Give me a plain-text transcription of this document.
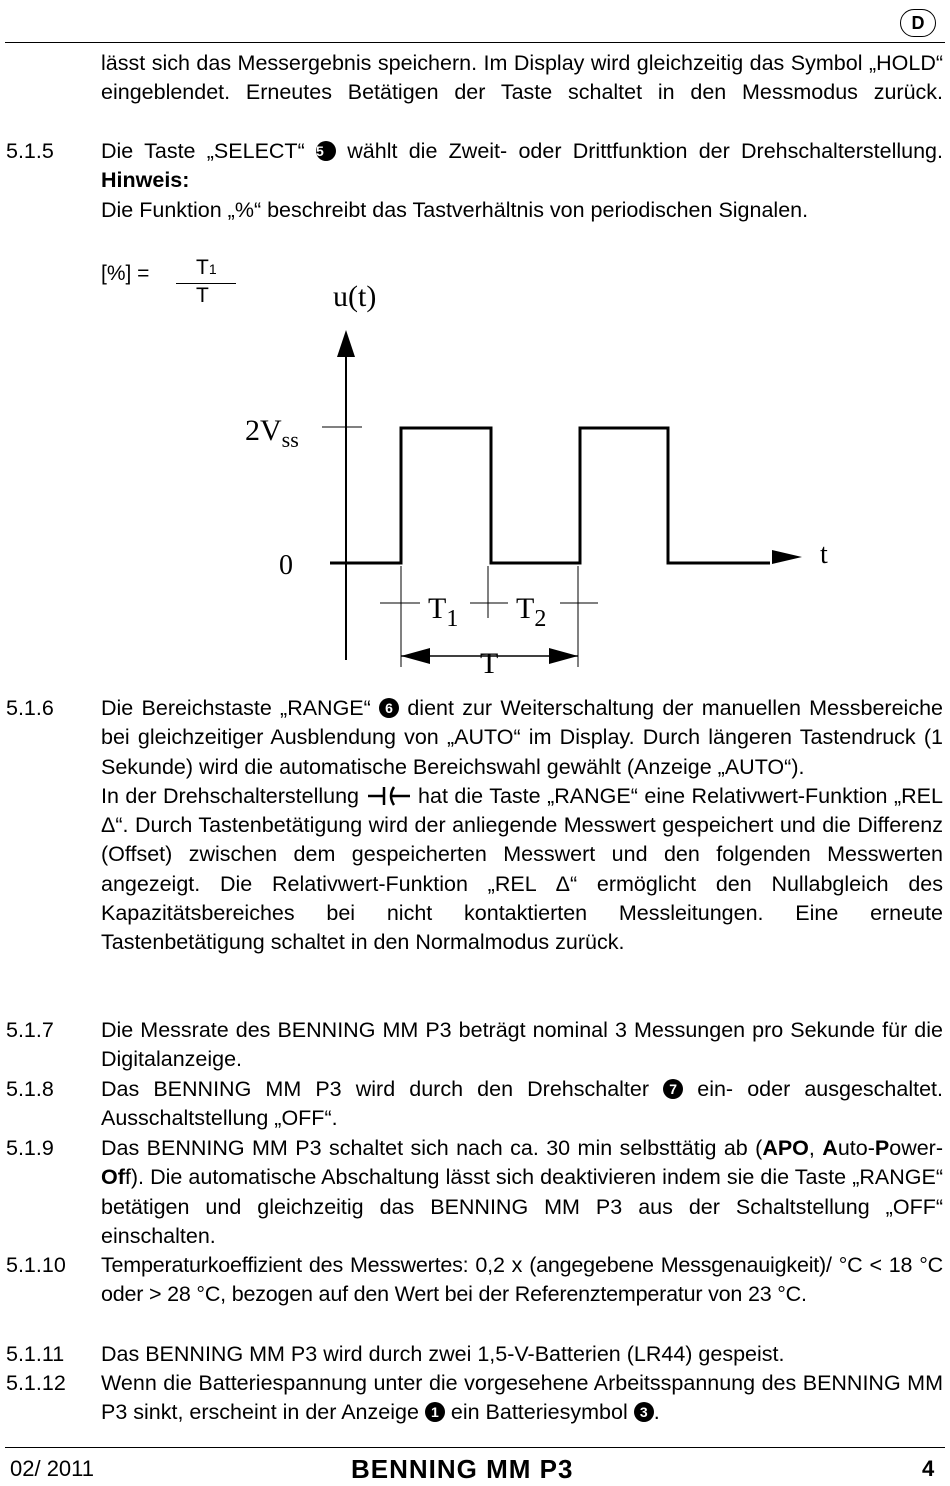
D
lässt sich das Messergebnis speichern. Im Display wird gleichzeitig das Symbol „HOLD“ eingeblendet. Erneutes Betätigen der Taste schaltet in den Messmodus zurück.
5.1.5 Die Taste „SELECT“ 5 wählt die Zweit- oder Drittfunktion der Drehschalterstellung.
Hinweis:
Die Funktion „%“ beschreibt das Tastverhältnis von periodischen Signalen.
[%] = T1
T	u(t)
$2V_{ss}$
0	t
$T_1$ $T_2$
T
5.1.6 Die Bereichstaste „RANGE“ 6 dient zur Weiterschaltung der manuellen Messbereiche bei gleichzeitiger Ausblendung von „AUTO“ im Display. Durch längeren Tastendruck (1 Sekunde) wird die automatische Bereichswahl gewählt (Anzeige „AUTO“).
In der Drehschalterstellung	hat die Taste „RANGE“ eine Relativwert-Funktion „REL Δ“. Durch Tastenbetätigung wird der anliegende Messwert gespeichert und die Differenz (Offset) zwischen dem gespeicherten Messwert und den folgenden Messwerten angezeigt. Die Relativwert-Funktion „REL Δ“ ermöglicht den Nullabgleich des Kapazitätsbereiches bei nicht kontaktierten Messleitungen. Eine erneute Tastenbetätigung schaltet in den Normalmodus zurück.
5.1.7 Die Messrate des BENNING MM P3 beträgt nominal 3 Messungen pro Sekunde für die Digitalanzeige.
5.1.8 Das BENNING MM P3 wird durch den Drehschalter 7 ein- oder ausgeschaltet. Ausschaltstellung „OFF“.
5.1.9 Das BENNING MM P3 schaltet sich nach ca. 30 min selbsttätig ab (APO, Auto-Power-Off). Die automatische Abschaltung lässt sich deaktivieren indem sie die Taste „RANGE“ betätigen und gleichzeitig das BENNING MM P3 aus der Schaltstellung „OFF“ einschalten.
5.1.10 Temperaturkoeffizient des Messwertes: 0,2 x (angegebene Messgenauigkeit)/ °C < 18 °C oder > 28 °C, bezogen auf den Wert bei der Referenztemperatur von 23 °C.
5.1.11 Das BENNING MM P3 wird durch zwei 1,5-V-Batterien (LR44) gespeist.
5.1.12 Wenn die Batteriespannung unter die vorgesehene Arbeitsspannung des BENNING MM P3 sinkt, erscheint in der Anzeige 1 ein Batteriesymbol 3 .
02/ 2011	BENNING MM P3	4
